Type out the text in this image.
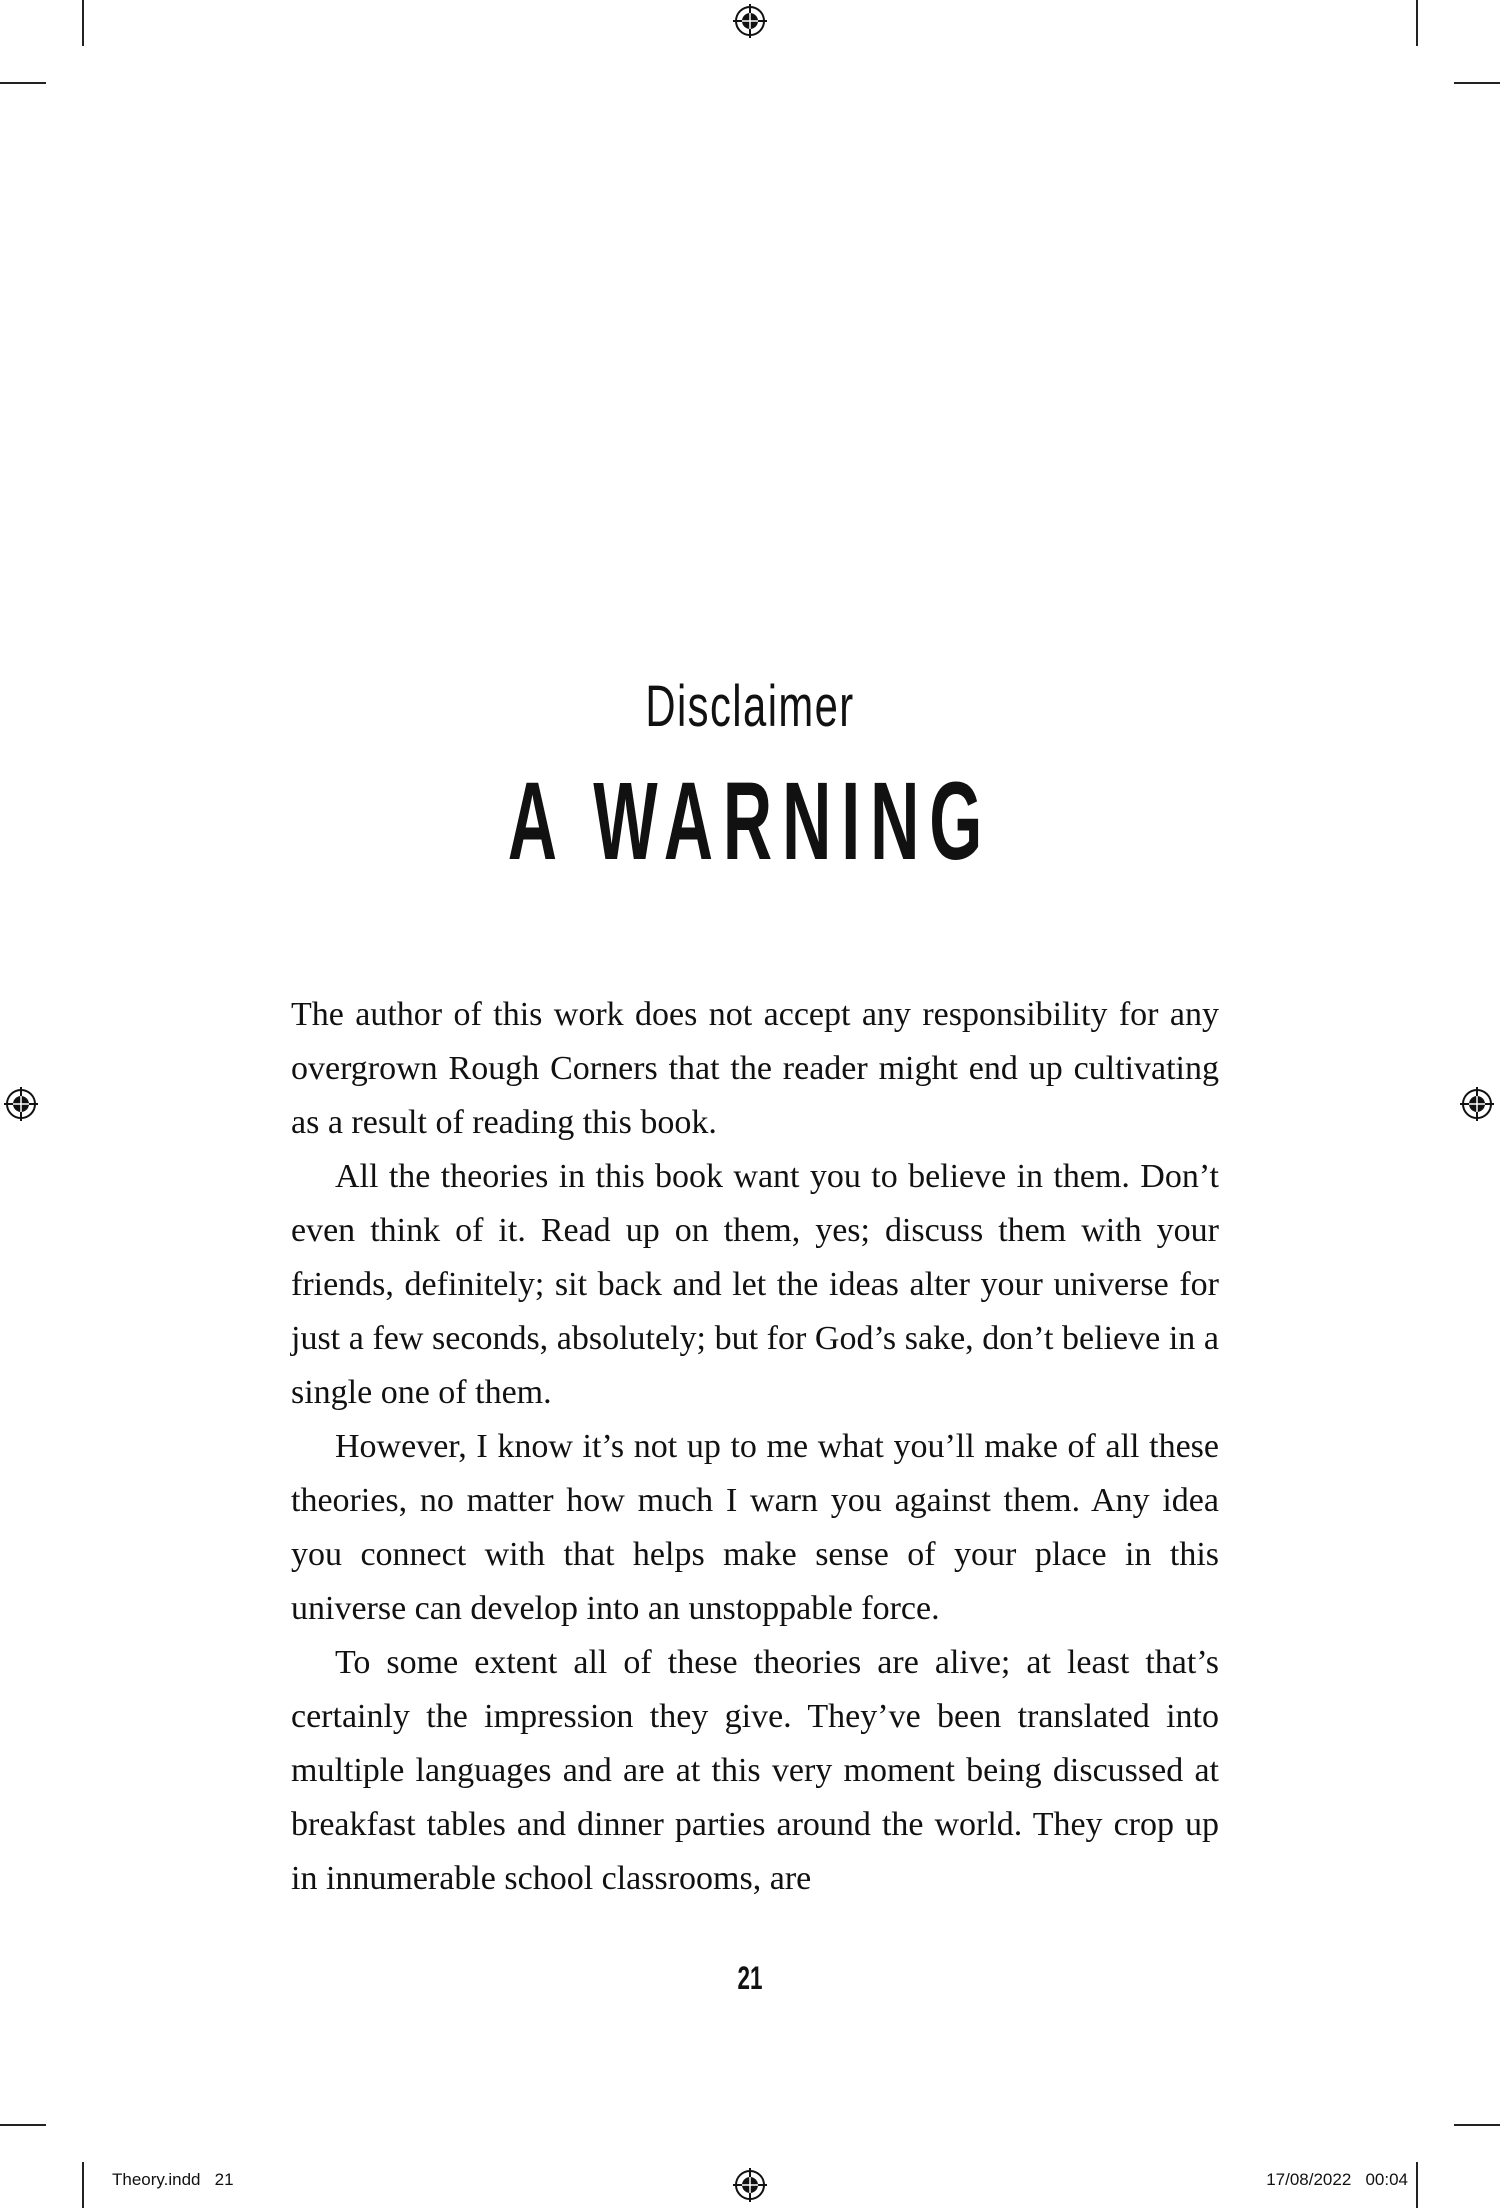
Disclaimer
A WARNING

The author of this work does not accept any responsibility for any overgrown Rough Corners that the reader might end up cultivating as a result of reading this book.

All the theories in this book want you to believe in them. Don’t even think of it. Read up on them, yes; discuss them with your friends, definitely; sit back and let the ideas alter your universe for just a few seconds, absolutely; but for God’s sake, don’t believe in a single one of them.

However, I know it’s not up to me what you’ll make of all these theories, no matter how much I warn you against them. Any idea you connect with that helps make sense of your place in this universe can develop into an unstoppable force.

To some extent all of these theories are alive; at least that’s certainly the impression they give. They’ve been translated into multiple languages and are at this very moment being discussed at breakfast tables and dinner parties around the world. They crop up in innumerable school classrooms, are

21
Theory.indd   21	17/08/2022   00:04
